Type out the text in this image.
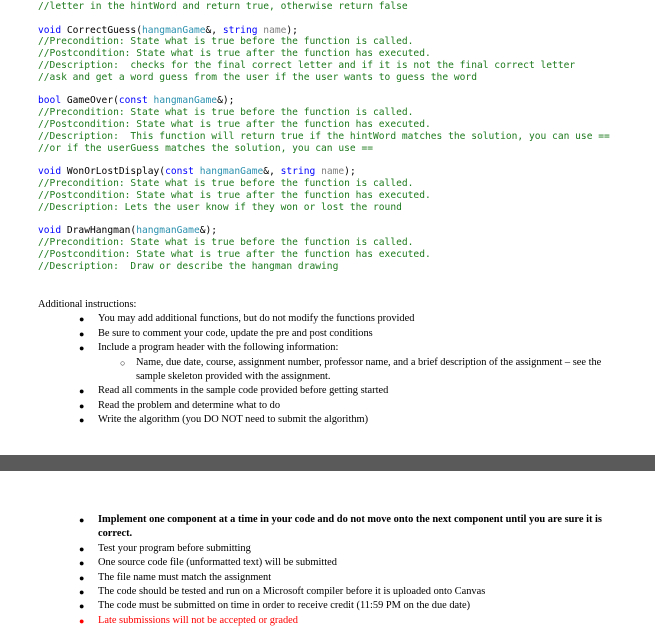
//letter in the hintWord and return true, otherwise return false

void CorrectGuess(hangmanGame&, string name);
//Precondition: State what is true before the function is called.
//Postcondition: State what is true after the function has executed.
//Description:  checks for the final correct letter and if it is not the final correct letter
//ask and get a word guess from the user if the user wants to guess the word

bool GameOver(const hangmanGame&);
//Precondition: State what is true before the function is called.
//Postcondition: State what is true after the function has executed.
//Description:  This function will return true if the hintWord matches the solution, you can use ==
//or if the userGuess matches the solution, you can use ==

void WonOrLostDisplay(const hangmanGame&, string name);
//Precondition: State what is true before the function is called.
//Postcondition: State what is true after the function has executed.
//Description: Lets the user know if they won or lost the round

void DrawHangman(hangmanGame&);
//Precondition: State what is true before the function is called.
//Postcondition: State what is true after the function has executed.
//Description:  Draw or describe the hangman drawing
Additional instructions:
● You may add additional functions, but do not modify the functions provided
● Be sure to comment your code, update the pre and post conditions
● Include a program header with the following information:
○ Name, due date, course, assignment number, professor name, and a brief description of the assignment – see the sample skeleton provided with the assignment.
● Read all comments in the sample code provided before getting started
● Read the problem and determine what to do
● Write the algorithm (you DO NOT need to submit the algorithm)
● Implement one component at a time in your code and do not move onto the next component until you are sure it is correct.
● Test your program before submitting
● One source code file (unformatted text) will be submitted
● The file name must match the assignment
● The code should be tested and run on a Microsoft compiler before it is uploaded onto Canvas
● The code must be submitted on time in order to receive credit (11:59 PM on the due date)
● Late submissions will not be accepted or graded
